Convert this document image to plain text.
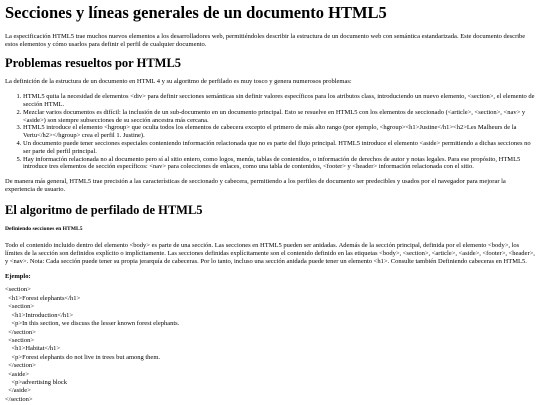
Secciones y líneas generales de un documento HTML5

La especificación HTML5 trae muchos nuevos elementos a los desarrolladores web, permitiéndoles describir la estructura de un documento web con semántica estandarizada. Este documento describe estos elementos y cómo usarlos para definir el perfil de cualquier documento.

Problemas resueltos por HTML5

La definición de la estructura de un documento en HTML 4 y su algoritmo de perfilado es muy tosco y genera numerosos problemas:

1. HTML5 quita la necesidad de elementos <div> para definir secciones semánticas sin definir valores específicos para los atributos class, introduciendo un nuevo elemento, <section>, el elemento de sección HTML.
2. Mezclar varios documentos es difícil: la inclusión de un sub-documento en un documento principal. Esto se resuelve en HTML5 con los elementos de seccionado (<article>, <section>, <nav> y <aside>) son siempre subsecciones de su sección ancestra más cercana.
3. HTML5 introduce el elemento <hgroup> que oculta todos los elementos de cabecera excepto el primero de más alto rango (por ejemplo, <hgroup><h1>Justine</h1><h2>Les Malheurs de la Vertu</h2></hgroup> crea el perfil 1. Justine).
4. Un documento puede tener secciones especiales conteniendo información relacionada que no es parte del flujo principal. HTML5 introduce el elemento <aside> permitiendo a dichas secciones no ser parte del perfil principal.
5. Hay información relacionada no al documento pero sí al sitio entero, como logos, menús, tablas de contenidos, o información de derechos de autor y notas legales. Para ese propósito, HTML5 introduce tres elementos de sección específicos: <nav> para colecciones de enlaces, como una tabla de contenidos, <footer> y <header> información relacionada con el sitio.

De manera más general, HTML5 trae precisión a las características de seccionado y cabecera, permitiendo a los perfiles de documento ser predecibles y usados por el navegador para mejorar la experiencia de usuario.

El algoritmo de perfilado de HTML5
Definiendo secciones en HTML5

Todo el contenido incluido dentro del elemento <body> es parte de una sección. Las secciones en HTML5 pueden ser anidadas. Además de la sección principal, definida por el elemento <body>, los límites de la sección son definidos explícito o implícitamente. Las secciones definidas explícitamente son el contenido definido en las etiquetas <body>, <section>, <article>, <aside>, <footer>, <header>, y <nav>. Nota: Cada sección puede tener su propia jerarquía de cabeceras. Por lo tanto, incluso una sección anidada puede tener un elemento <h1>. Consulte también Definiendo cabeceras en HTML5.

Ejemplo:

<section>
<h1>Forest elephants</h1>
<section>
<h1>Introduction</h1>
<p>In this section, we discuss the lesser known forest elephants.
</section>
<section>
<h1>Habitat</h1>
<p>Forest elephants do not live in trees but among them.
</section>
<aside>
<p>advertising block
</aside>
</section>
